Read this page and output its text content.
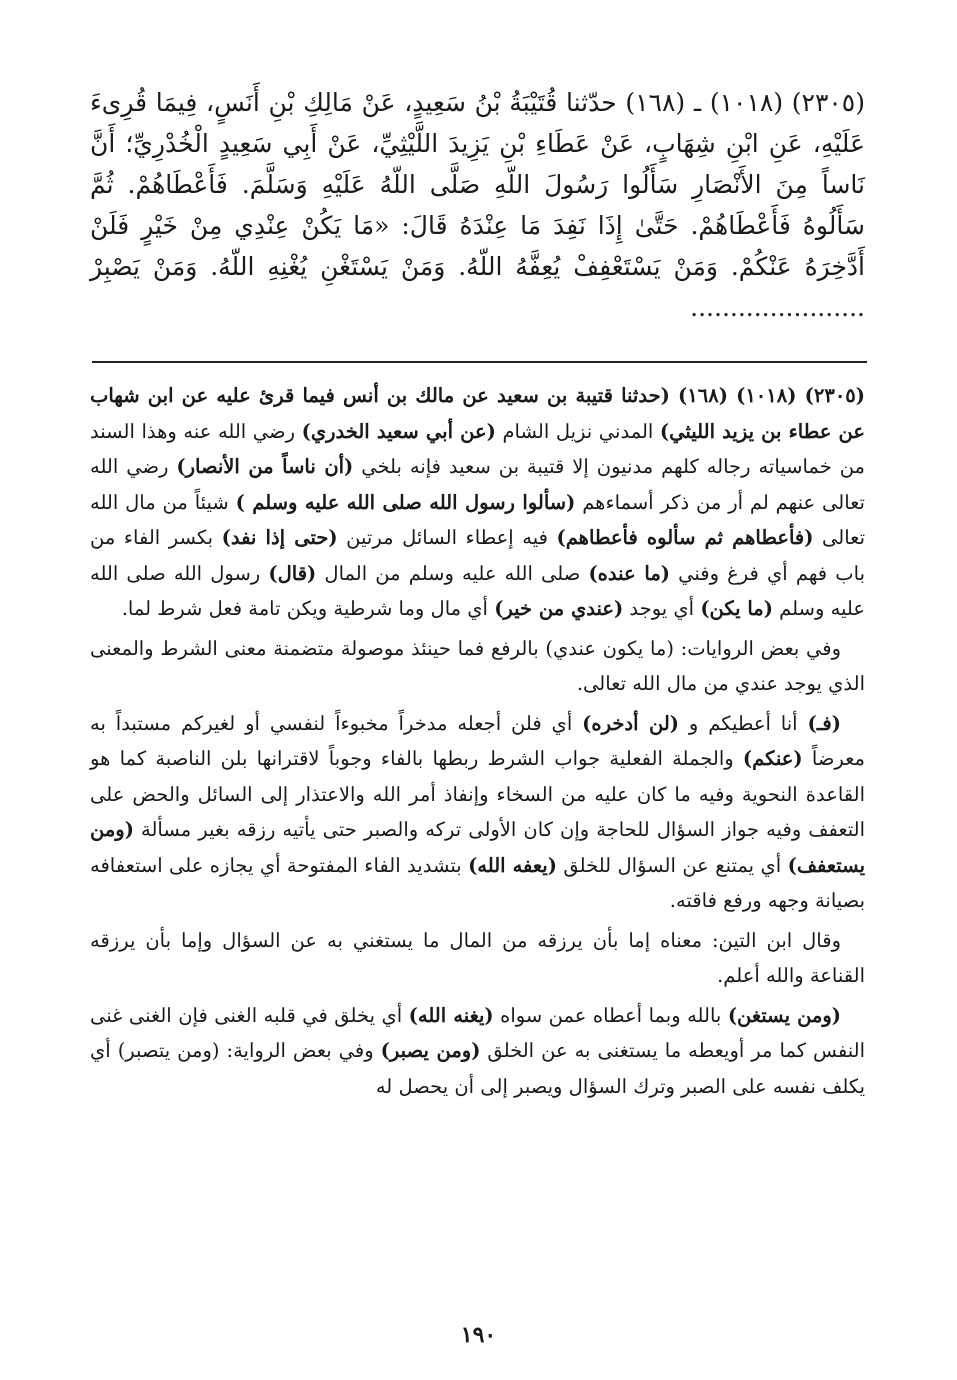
(٢٣٠٥) (١٠١٨) ـ (١٦٨) حدّثنا قُتَيْبَةُ بْنُ سَعِيدٍ، عَنْ مَالِكِ بْنِ أَنَسٍ، فِيمَا قُرِىءَ عَلَيْهِ، عَنِ ابْنِ شِهَابٍ، عَنْ عَطَاءِ بْنِ يَزِيدَ اللَّيْثِيِّ، عَنْ أَبِي سَعِيدٍ الْخُدْرِيِّ؛ أَنَّ نَاساً مِنَ الأَنْصَارِ سَأَلُوا رَسُولَ اللّهِ صَلَّى اللّهُ عَلَيْهِ وَسَلَّمَ. فَأَعْطَاهُمْ. ثُمَّ سَأَلُوهُ فَأَعْطَاهُمْ. حَتَّىٰ إِذَا نَفِدَ مَا عِنْدَهُ قَالَ: «مَا يَكُنْ عِنْدِي مِنْ خَيْرٍ فَلَنْ أَدَّخِرَهُ عَنْكُمْ. وَمَنْ يَسْتَعْفِفْ يُعِفَّهُ اللّهُ. وَمَنْ يَسْتَغْنِ يُغْنِهِ اللّهُ. وَمَنْ يَصْبِرْ ......................

(٢٣٠٥) (١٠١٨) (١٦٨) (حدثنا قتيبة بن سعيد عن مالك بن أنس فيما قرئ عليه عن ابن شهاب عن عطاء بن يزيد الليثي) المدني نزيل الشام (عن أبي سعيد الخدري) رضي الله عنه وهذا السند من خماسياته رجاله كلهم مدنيون إلا قتيبة بن سعيد فإنه بلخي (أن ناساً من الأنصار) رضي الله تعالى عنهم لم أر من ذكر أسماءهم (سألوا رسول الله صلى الله عليه وسلم ) شيئاً من مال الله تعالى (فأعطاهم ثم سألوه فأعطاهم) فيه إعطاء السائل مرتين (حتى إذا نفد) بكسر الفاء من باب فهم أي فرغ وفني (ما عنده) صلى الله عليه وسلم من المال (قال) رسول الله صلى الله عليه وسلم (ما يكن) أي يوجد (عندي من خير) أي مال وما شرطية ويكن تامة فعل شرط لما.

وفي بعض الروايات: (ما يكون عندي) بالرفع فما حينئذ موصولة متضمنة معنى الشرط والمعنى الذي يوجد عندي من مال الله تعالى.

(فـ) أنا أعطيكم و (لن أدخره) أي فلن أجعله مدخراً مخبوءاً لنفسي أو لغيركم مستبداً به معرضاً (عنكم) والجملة الفعلية جواب الشرط ربطها بالفاء وجوباً لاقترانها بلن الناصبة كما هو القاعدة النحوية وفيه ما كان عليه من السخاء وإنفاذ أمر الله والاعتذار إلى السائل والحض على التعفف وفيه جواز السؤال للحاجة وإن كان الأولى تركه والصبر حتى يأتيه رزقه بغير مسألة (ومن يستعفف) أي يمتنع عن السؤال للخلق (يعفه الله) بتشديد الفاء المفتوحة أي يجازه على استعفافه بصيانة وجهه ورفع فاقته.

وقال ابن التين: معناه إما بأن يرزقه من المال ما يستغني به عن السؤال وإما بأن يرزقه القناعة والله أعلم.

(ومن يستغن) بالله وبما أعطاه عمن سواه (يغنه الله) أي يخلق في قلبه الغنى فإن الغنى غنى النفس كما مر أويعطه ما يستغنى به عن الخلق (ومن يصبر) وفي بعض الرواية: (ومن يتصبر) أي يكلف نفسه على الصبر وترك السؤال ويصبر إلى أن يحصل له

١٩٠
